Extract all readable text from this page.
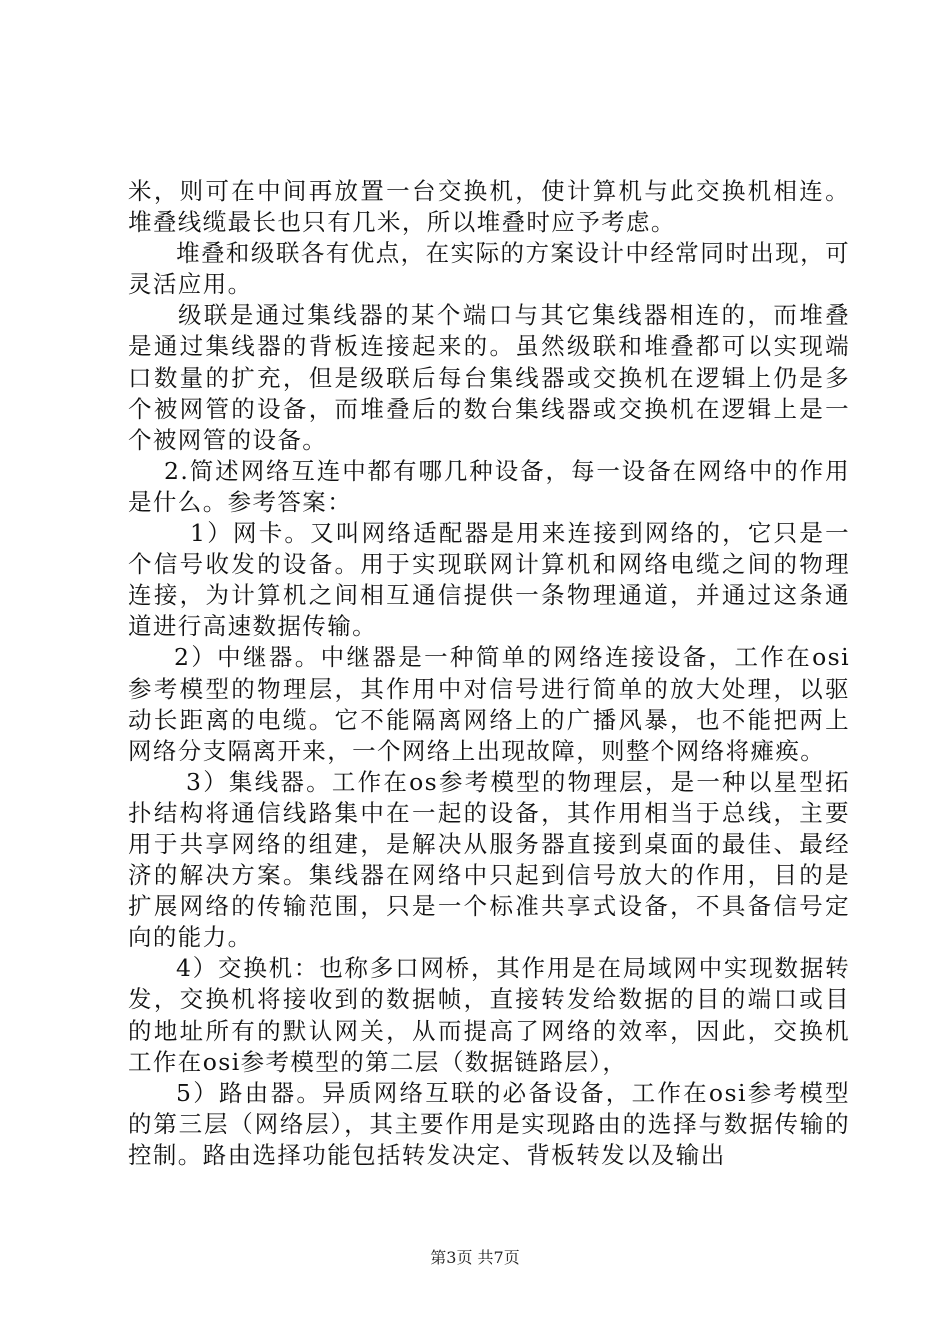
米，则可在中间再放置一台交换机，使计算机与此交换机相连。堆叠线缆最长也只有几米，所以堆叠时应予考虑。

堆叠和级联各有优点，在实际的方案设计中经常同时出现，可灵活应用。

级联是通过集线器的某个端口与其它集线器相连的，而堆叠是通过集线器的背板连接起来的。虽然级联和堆叠都可以实现端口数量的扩充，但是级联后每台集线器或交换机在逻辑上仍是多个被网管的设备，而堆叠后的数台集线器或交换机在逻辑上是一个被网管的设备。

2.简述网络互连中都有哪几种设备，每一设备在网络中的作用是什么。参考答案：

1）网卡。又叫网络适配器是用来连接到网络的，它只是一个信号收发的设备。用于实现联网计算机和网络电缆之间的物理连接，为计算机之间相互通信提供一条物理通道，并通过这条通道进行高速数据传输。

2）中继器。中继器是一种简单的网络连接设备，工作在osi参考模型的物理层，其作用中对信号进行简单的放大处理，以驱动长距离的电缆。它不能隔离网络上的广播风暴，也不能把两上网络分支隔离开来，一个网络上出现故障，则整个网络将瘫痪。

3）集线器。工作在os参考模型的物理层，是一种以星型拓扑结构将通信线路集中在一起的设备，其作用相当于总线，主要用于共享网络的组建，是解决从服务器直接到桌面的最佳、最经济的解决方案。集线器在网络中只起到信号放大的作用，目的是扩展网络的传输范围，只是一个标准共享式设备，不具备信号定向的能力。

4）交换机：也称多口网桥，其作用是在局域网中实现数据转发，交换机将接收到的数据帧，直接转发给数据的目的端口或目的地址所有的默认网关，从而提高了网络的效率，因此，交换机工作在osi参考模型的第二层（数据链路层），

5）路由器。异质网络互联的必备设备，工作在osi参考模型的第三层（网络层），其主要作用是实现路由的选择与数据传输的控制。路由选择功能包括转发决定、背板转发以及输出

第3页 共7页
